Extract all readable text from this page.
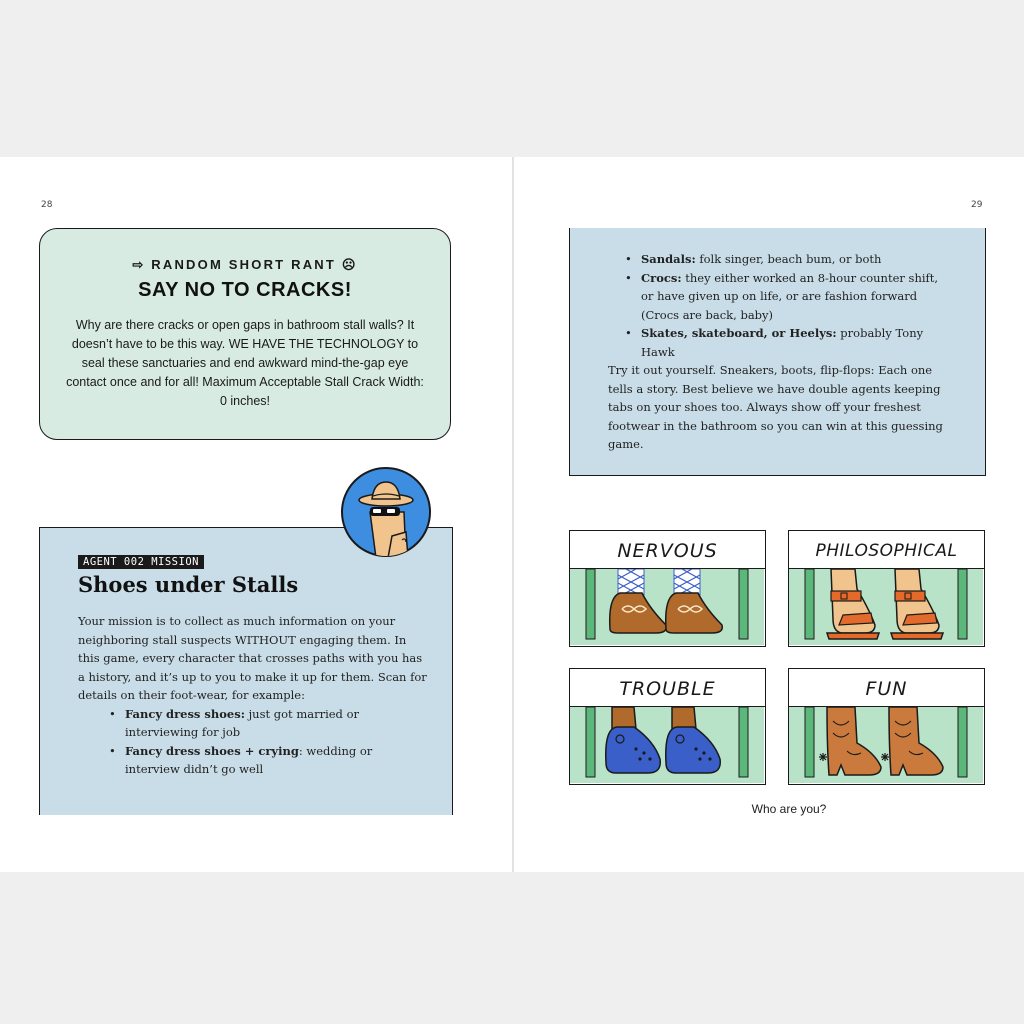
28	29
⇨ RANDOM SHORT RANT ☹
SAY NO TO CRACKS!
Why are there cracks or open gaps in bathroom stall walls? It doesn’t have to be this way. WE HAVE THE TECHNOLOGY to seal these sanctuaries and end awkward mind-the-gap eye contact once and for all! Maximum Acceptable Stall Crack Width: 0 inches!
AGENT 002 MISSION
Shoes under Stalls
Your mission is to collect as much information on your neighboring stall suspects WITHOUT engaging them. In this game, every character that crosses paths with you has a history, and it’s up to you to make it up for them. Scan for details on their foot-wear, for example:
• Fancy dress shoes: just got married or interviewing for job
• Fancy dress shoes + crying: wedding or interview didn’t go well
• Sandals: folk singer, beach bum, or both
• Crocs: they either worked an 8-hour counter shift, or have given up on life, or are fashion forward (Crocs are back, baby)
• Skates, skateboard, or Heelys: probably Tony Hawk
Try it out yourself. Sneakers, boots, flip-flops: Each one tells a story. Best believe we have double agents keeping tabs on your shoes too. Always show off your freshest footwear in the bathroom so you can win at this guessing game.
NERVOUS	PHILOSOPHICAL
TROUBLE	FUN
Who are you?
